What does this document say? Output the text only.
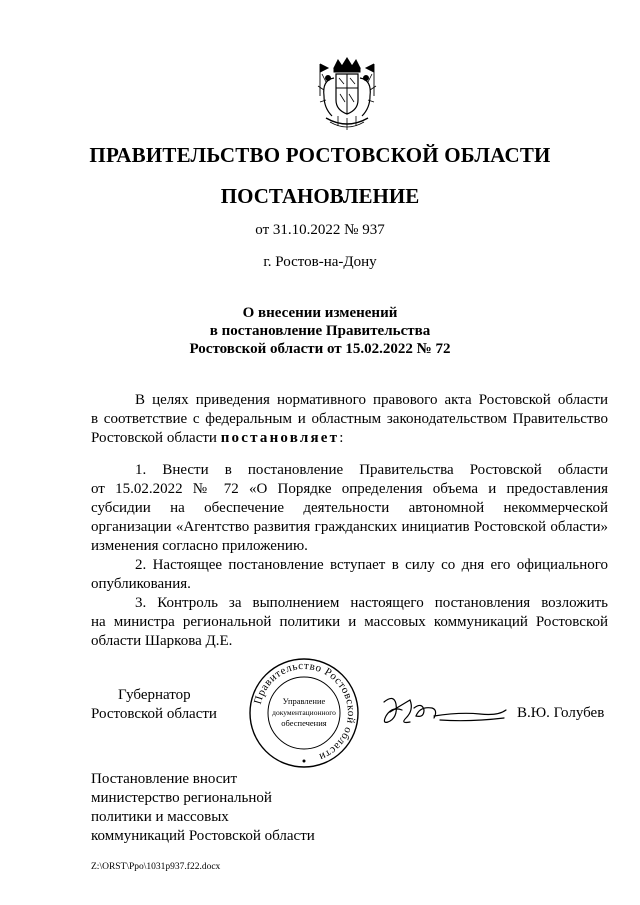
ПРАВИТЕЛЬСТВО РОСТОВСКОЙ ОБЛАСТИ
ПОСТАНОВЛЕНИЕ
от 31.10.2022 № 937
г. Ростов-на-Дону
О внесении изменений
в постановление Правительства
Ростовской области от 15.02.2022 № 72
В целях приведения нормативного правового акта Ростовской области
в соответствие с федеральным и областным законодательством Правительство
Ростовской области постановляет:
1. Внести в постановление Правительства Ростовской области
от 15.02.2022 № 72 «О Порядке определения объема и предоставления
субсидии на обеспечение деятельности автономной некоммерческой
организации «Агентство развития гражданских инициатив Ростовской области»
изменения согласно приложению.
2. Настоящее постановление вступает в силу со дня его официального
опубликования.
3. Контроль за выполнением настоящего постановления возложить
на министра региональной политики и массовых коммуникаций Ростовской
области Шаркова Д.Е.
Губернатор
Ростовской области
Правительство Ростовской области
Управление
документационного
обеспечения
В.Ю. Голубев
Постановление вносит
министерство региональной
политики и массовых
коммуникаций Ростовской области
Z:\ORST\Ppo\1031p937.f22.docx
